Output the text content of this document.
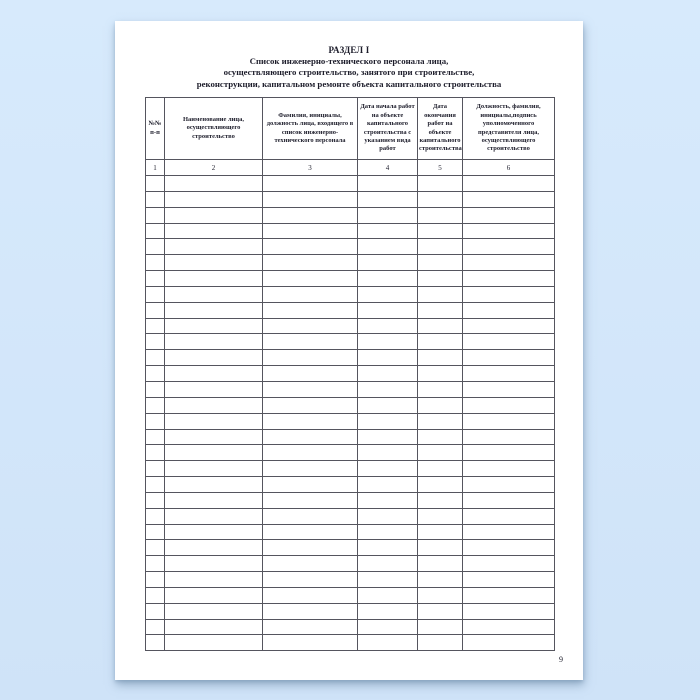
РАЗДЕЛ I
Список инженерно-технического персонала лица,
осуществляющего строительство, занятого при строительстве,
реконструкции, капитальном ремонте объекта капитального строительства
№№ п-п	Наименование лица, осуществляющего строительство	Фамилия, инициалы, должность лица, входящего в список инженерно-технического персонала	Дата начала работ на объекте капитального строительства с указанием вида работ	Дата окончания работ на объекте капитального строительства	Должность, фамилия, инициалы,подпись уполномоченного представителя лица, осуществляющего строительство
1	2	3	4	5	6

9
